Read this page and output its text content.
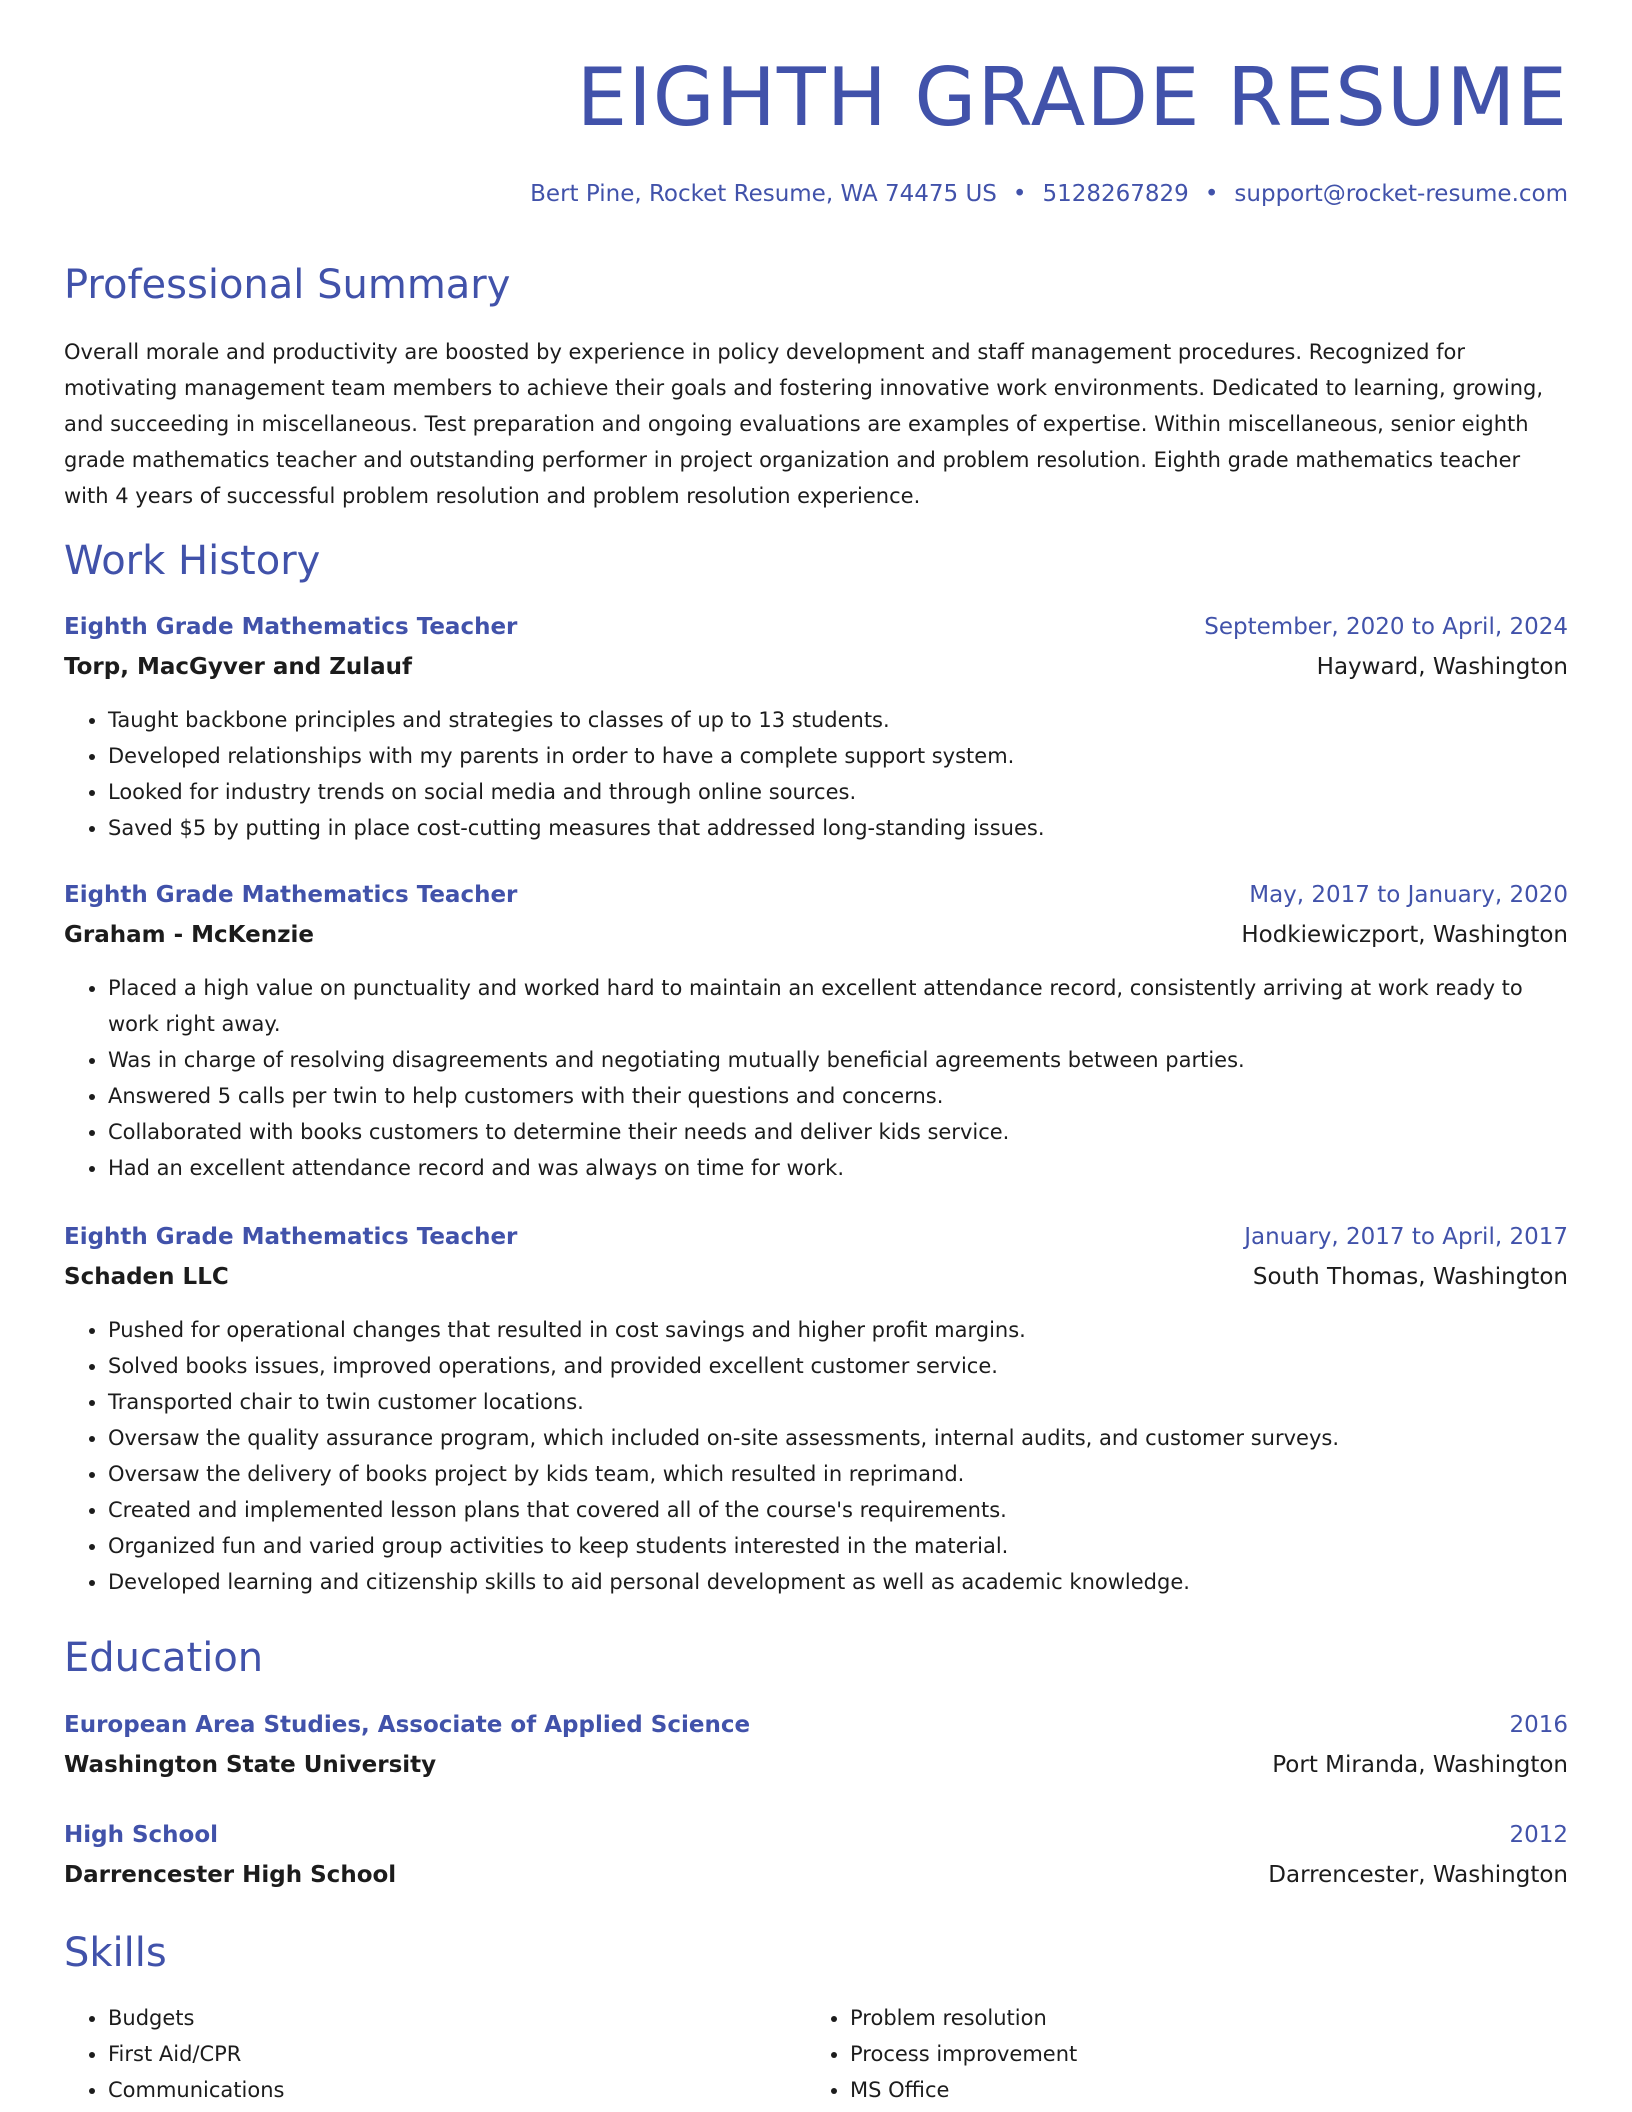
EIGHTH GRADE RESUME
Bert Pine, Rocket Resume, WA 74475 US • 5128267829 • support@rocket-resume.com
Professional Summary

Overall morale and productivity are boosted by experience in policy development and staff management procedures. Recognized for motivating management team members to achieve their goals and fostering innovative work environments. Dedicated to learning, growing, and succeeding in miscellaneous. Test preparation and ongoing evaluations are examples of expertise. Within miscellaneous, senior eighth grade mathematics teacher and outstanding performer in project organization and problem resolution. Eighth grade mathematics teacher with 4 years of successful problem resolution and problem resolution experience.

Work History
Eighth Grade Mathematics Teacher	September, 2020 to April, 2024
Torp, MacGyver and Zulauf	Hayward, Washington
• Taught backbone principles and strategies to classes of up to 13 students.
• Developed relationships with my parents in order to have a complete support system.
• Looked for industry trends on social media and through online sources.
• Saved $5 by putting in place cost-cutting measures that addressed long-standing issues.
Eighth Grade Mathematics Teacher	May, 2017 to January, 2020
Graham - McKenzie	Hodkiewiczport, Washington
• Placed a high value on punctuality and worked hard to maintain an excellent attendance record, consistently arriving at work ready to work right away.
• Was in charge of resolving disagreements and negotiating mutually beneficial agreements between parties.
• Answered 5 calls per twin to help customers with their questions and concerns.
• Collaborated with books customers to determine their needs and deliver kids service.
• Had an excellent attendance record and was always on time for work.
Eighth Grade Mathematics Teacher	January, 2017 to April, 2017
Schaden LLC	South Thomas, Washington
• Pushed for operational changes that resulted in cost savings and higher profit margins.
• Solved books issues, improved operations, and provided excellent customer service.
• Transported chair to twin customer locations.
• Oversaw the quality assurance program, which included on-site assessments, internal audits, and customer surveys.
• Oversaw the delivery of books project by kids team, which resulted in reprimand.
• Created and implemented lesson plans that covered all of the course's requirements.
• Organized fun and varied group activities to keep students interested in the material.
• Developed learning and citizenship skills to aid personal development as well as academic knowledge.
Education
European Area Studies, Associate of Applied Science	2016
Washington State University	Port Miranda, Washington
High School	2012
Darrencester High School	Darrencester, Washington
Skills
• Budgets
• First Aid/CPR
• Communications
• Problem resolution
• Process improvement
• MS Office
